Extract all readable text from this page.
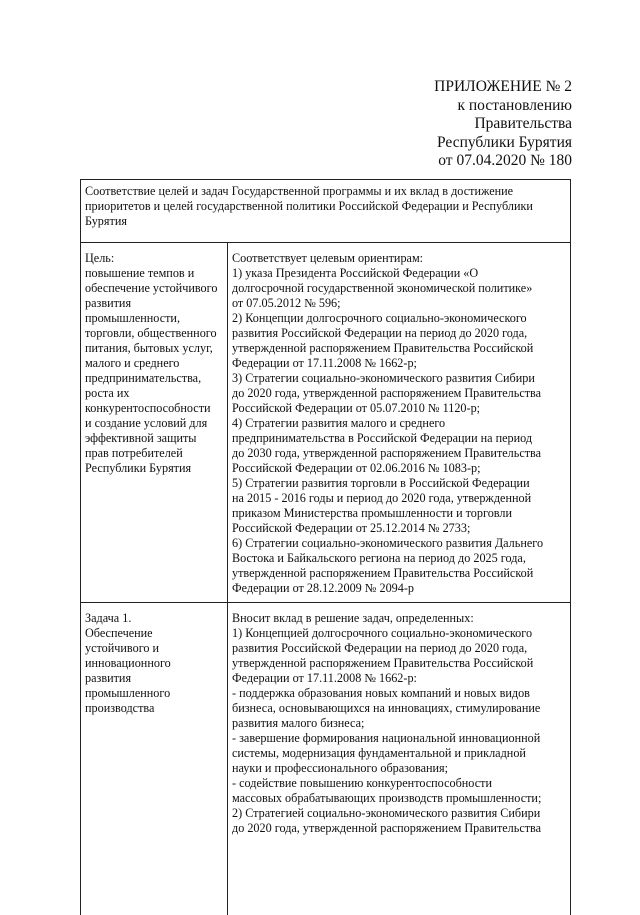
ПРИЛОЖЕНИЕ № 2
к постановлению
Правительства
Республики Бурятия
от 07.04.2020 № 180
Соответствие целей и задач Государственной программы и их вклад в достижение
приоритетов и целей государственной политики Российской Федерации и Республики
Бурятия
Цель:
повышение темпов и
обеспечение устойчивого
развития
промышленности,
торговли, общественного
питания, бытовых услуг,
малого и среднего
предпринимательства,
роста их
конкурентоспособности
и создание условий для
эффективной защиты
прав потребителей
Республики Бурятия
Соответствует целевым ориентирам:
1) указа Президента Российской Федерации «О
долгосрочной государственной экономической политике»
от 07.05.2012 № 596;
2) Концепции долгосрочного социально-экономического
развития Российской Федерации на период до 2020 года,
утвержденной распоряжением Правительства Российской
Федерации от 17.11.2008 № 1662-р;
3) Стратегии социально-экономического развития Сибири
до 2020 года, утвержденной распоряжением Правительства
Российской Федерации от 05.07.2010 № 1120-р;
4) Стратегии развития малого и среднего
предпринимательства в Российской Федерации на период
до 2030 года, утвержденной распоряжением Правительства
Российской Федерации от 02.06.2016 № 1083-р;
5) Стратегии развития торговли в Российской Федерации
на 2015 - 2016 годы и период до 2020 года, утвержденной
приказом Министерства промышленности и торговли
Российской Федерации от 25.12.2014 № 2733;
6) Стратегии социально-экономического развития Дальнего
Востока и Байкальского региона на период до 2025 года,
утвержденной распоряжением Правительства Российской
Федерации от 28.12.2009 № 2094-р
Задача 1.
Обеспечение
устойчивого и
инновационного
развития
промышленного
производства
Вносит вклад в решение задач, определенных:
1) Концепцией долгосрочного социально-экономического
развития Российской Федерации на период до 2020 года,
утвержденной распоряжением Правительства Российской
Федерации от 17.11.2008 № 1662-р:
- поддержка образования новых компаний и новых видов
бизнеса, основывающихся на инновациях, стимулирование
развития малого бизнеса;
- завершение формирования национальной инновационной
системы, модернизация фундаментальной и прикладной
науки и профессионального образования;
- содействие повышению конкурентоспособности
массовых обрабатывающих производств промышленности;
2) Стратегией социально-экономического развития Сибири
до 2020 года, утвержденной распоряжением Правительства
